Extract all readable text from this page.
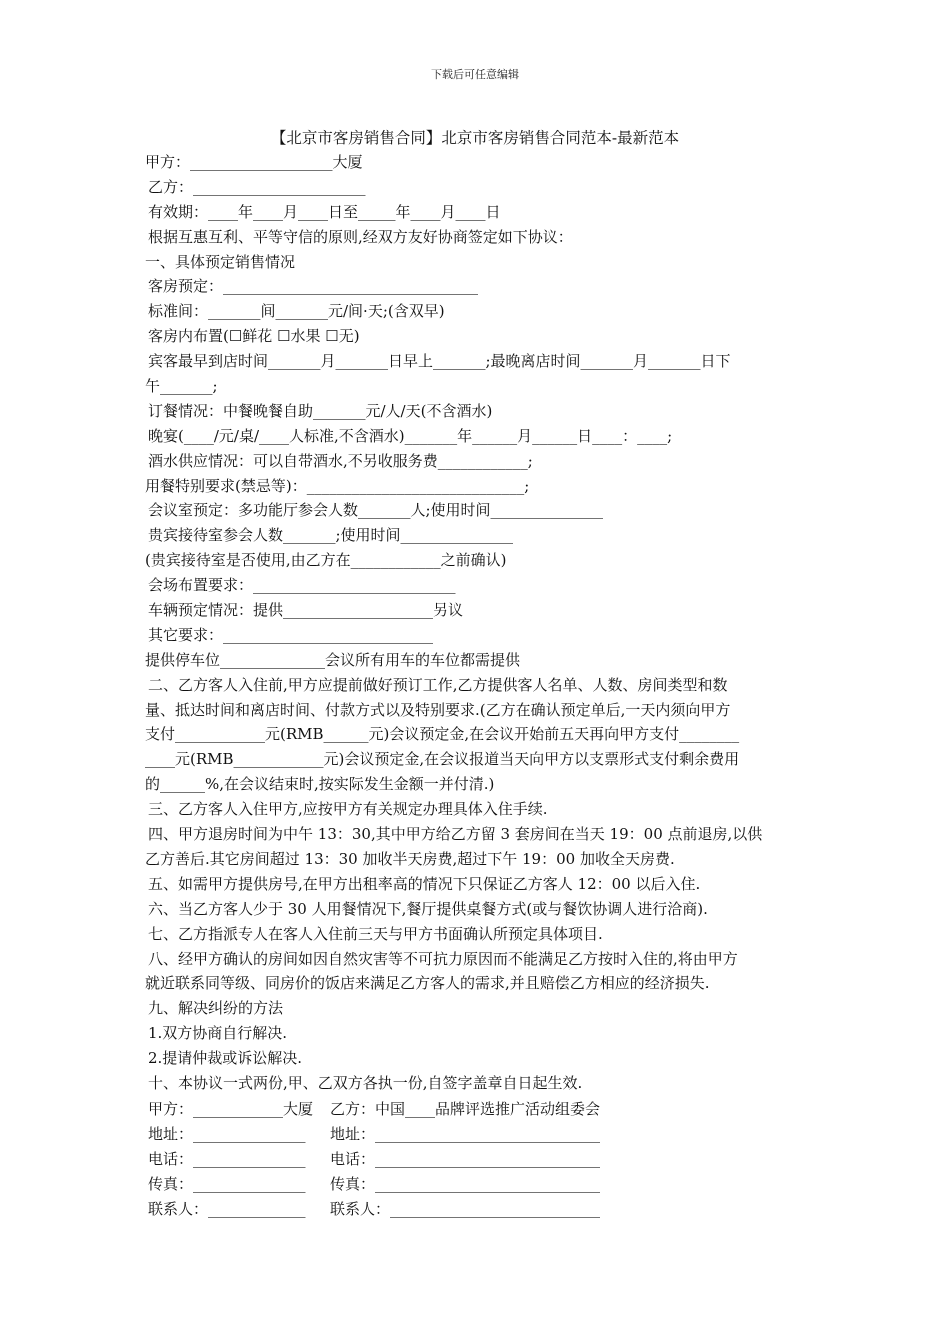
下载后可任意编辑
【北京市客房销售合同】北京市客房销售合同范本-最新范本
甲方：___________________大厦
乙方：_______________________
有效期：____年____月____日至_____年____月____日
根据互惠互利、平等守信的原则,经双方友好协商签定如下协议：
一、具体预定销售情况
客房预定：__________________________________
标准间：_______间_______元/间·天;(含双早)
客房内布置(☐鲜花 ☐水果 ☐无)
宾客最早到店时间_______月_______日早上_______;最晚离店时间_______月_______日下
午_______;
订餐情况：中餐晚餐自助_______元/人/天(不含酒水)
晚宴(____/元/桌/____人标准,不含酒水)_______年______月______日____：____;
酒水供应情况：可以自带酒水,不另收服务费____________;
用餐特别要求(禁忌等)：_____________________________;
会议室预定：多功能厅参会人数_______人;使用时间_______________
贵宾接待室参会人数_______;使用时间_______________
(贵宾接待室是否使用,由乙方在____________之前确认)
会场布置要求：___________________________
车辆预定情况：提供____________________另议
其它要求：____________________________
提供停车位______________会议所有用车的车位都需提供
二、乙方客人入住前,甲方应提前做好预订工作,乙方提供客人名单、人数、房间类型和数
量、抵达时间和离店时间、付款方式以及特别要求.(乙方在确认预定单后,一天内须向甲方
支付____________元(RMB______元)会议预定金,在会议开始前五天再向甲方支付________
____元(RMB____________元)会议预定金,在会议报道当天向甲方以支票形式支付剩余费用
的______%,在会议结束时,按实际发生金额一并付清.)
三、乙方客人入住甲方,应按甲方有关规定办理具体入住手续.
四、甲方退房时间为中午 13：30,其中甲方给乙方留 3 套房间在当天 19：00 点前退房,以供
乙方善后.其它房间超过 13：30 加收半天房费,超过下午 19：00 加收全天房费.
五、如需甲方提供房号,在甲方出租率高的情况下只保证乙方客人 12：00 以后入住.
六、当乙方客人少于 30 人用餐情况下,餐厅提供桌餐方式(或与餐饮协调人进行洽商).
七、乙方指派专人在客人入住前三天与甲方书面确认所预定具体项目.
八、经甲方确认的房间如因自然灾害等不可抗力原因而不能满足乙方按时入住的,将由甲方
就近联系同等级、同房价的饭店来满足乙方客人的需求,并且赔偿乙方相应的经济损失.
九、解决纠纷的方法
1.双方协商自行解决.
2.提请仲裁或诉讼解决.
十、本协议一式两份,甲、乙双方各执一份,自签字盖章自日起生效.
甲方：____________大厦 乙方：中国____品牌评选推广活动组委会
地址：_______________ 地址：______________________________
电话：_______________ 电话：______________________________
传真：_______________ 传真：______________________________
联系人：_____________ 联系人：____________________________
